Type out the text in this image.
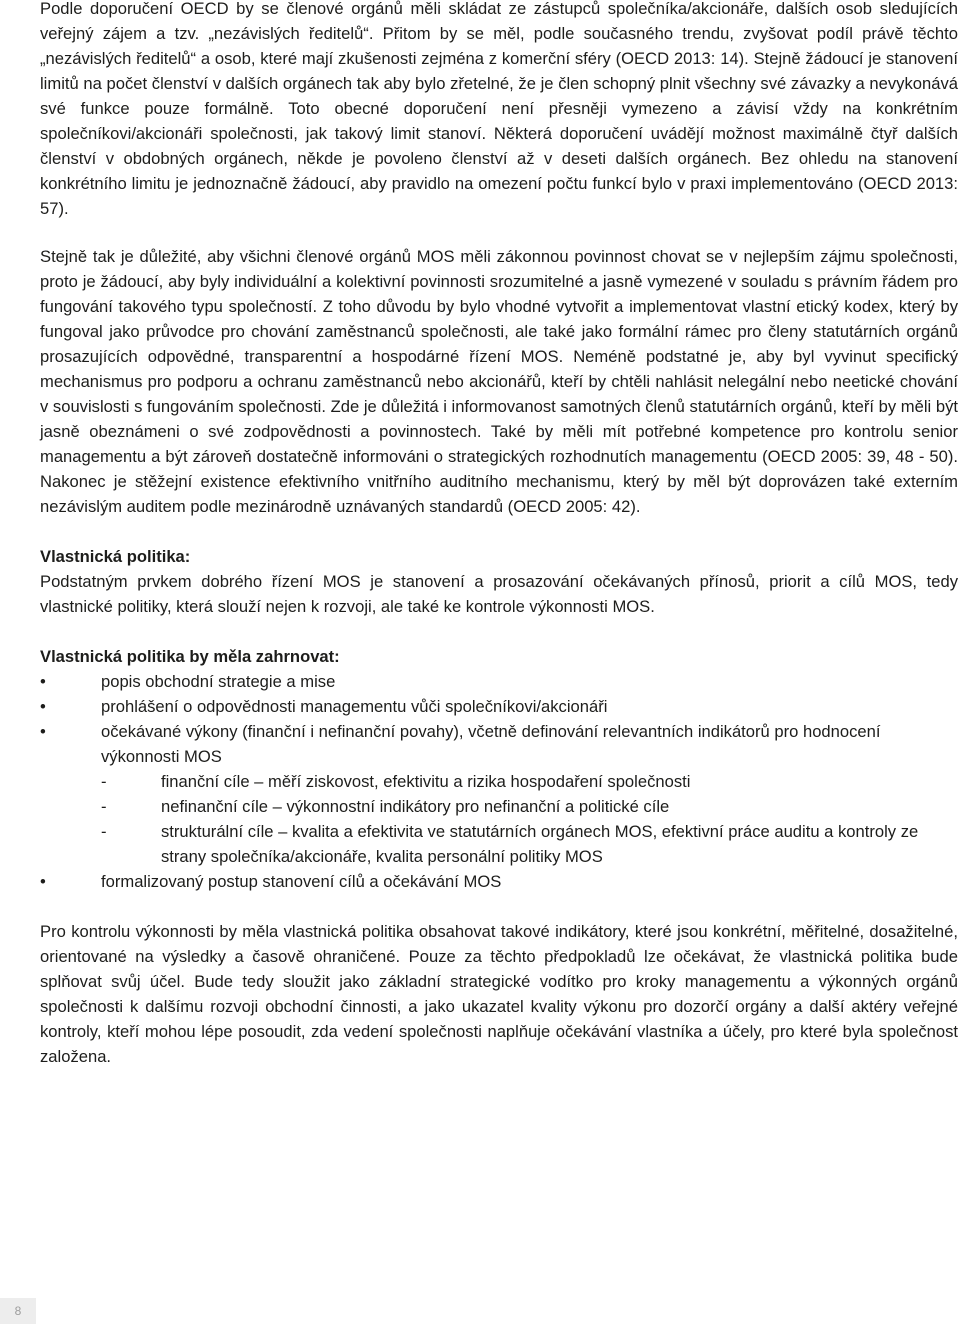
Podle doporučení OECD by se členové orgánů měli skládat ze zástupců společníka/akcionáře, dalších osob sledujících veřejný zájem a tzv. „nezávislých ředitelů“. Přitom by se měl, podle současného trendu, zvyšovat podíl právě těchto „nezávislých ředitelů“ a osob, které mají zkušenosti zejména z komerční sféry (OECD 2013: 14). Stejně žádoucí je stanovení limitů na počet členství v dalších orgánech tak aby bylo zřetelné, že je člen schopný plnit všechny své závazky a nevykonává své funkce pouze formálně. Toto obecné doporučení není přesněji vymezeno a závisí vždy na konkrétním společníkovi/akcionáři společnosti, jak takový limit stanoví. Některá doporučení uvádějí možnost maximálně čtyř dalších členství v obdobných orgánech, někde je povoleno členství až v deseti dalších orgánech. Bez ohledu na stanovení konkrétního limitu je jednoznačně žádoucí, aby pravidlo na omezení počtu funkcí bylo v praxi implementováno (OECD 2013: 57).

Stejně tak je důležité, aby všichni členové orgánů MOS měli zákonnou povinnost chovat se v nejlepším zájmu společnosti, proto je žádoucí, aby byly individuální a kolektivní povinnosti srozumitelné a jasně vymezené v souladu s právním řádem pro fungování takového typu společností. Z toho důvodu by bylo vhodné vytvořit a implementovat vlastní etický kodex, který by fungoval jako průvodce pro chování zaměstnanců společnosti, ale také jako formální rámec pro členy statutárních orgánů prosazujících odpovědné, transparentní a hospodárné řízení MOS. Neméně podstatné je, aby byl vyvinut specifický mechanismus pro podporu a ochranu zaměstnanců nebo akcionářů, kteří by chtěli nahlásit nelegální nebo neetické chování v souvislosti s fungováním společnosti. Zde je důležitá i informovanost samotných členů statutárních orgánů, kteří by měli být jasně obeznámeni o své zodpovědnosti a povinnostech. Také by měli mít potřebné kompetence pro kontrolu senior managementu a být zároveň dostatečně informováni o strategických rozhodnutích managementu (OECD 2005: 39, 48 - 50). Nakonec je stěžejní existence efektivního vnitřního auditního mechanismu, který by měl být doprovázen také externím nezávislým auditem podle mezinárodně uznávaných standardů (OECD 2005: 42).

Vlastnická politika:

Podstatným prvkem dobrého řízení MOS je stanovení a prosazování očekávaných přínosů, priorit a cílů MOS, tedy vlastnické politiky, která slouží nejen k rozvoji, ale také ke kontrole výkonnosti MOS.

Vlastnická politika by měla zahrnovat:
•	popis obchodní strategie a mise
•	prohlášení o odpovědnosti managementu vůči společníkovi/akcionáři
•	očekávané výkony (finanční i nefinanční povahy), včetně definování relevantních indikátorů pro hodnocení výkonnosti MOS
-	finanční cíle – měří ziskovost, efektivitu a rizika hospodaření společnosti
-	nefinanční cíle – výkonnostní indikátory pro nefinanční a politické cíle
-	strukturální cíle – kvalita a efektivita ve statutárních orgánech MOS, efektivní práce auditu a kontroly ze strany společníka/akcionáře, kvalita personální politiky MOS
•	formalizovaný postup stanovení cílů a očekávání MOS

Pro kontrolu výkonnosti by měla vlastnická politika obsahovat takové indikátory, které jsou konkrétní, měřitelné, dosažitelné, orientované na výsledky a časově ohraničené. Pouze za těchto předpokladů lze očekávat, že vlastnická politika bude splňovat svůj účel. Bude tedy sloužit jako základní strategické vodítko pro kroky managementu a výkonných orgánů společnosti k dalšímu rozvoji obchodní činnosti, a jako ukazatel kvality výkonu pro dozorčí orgány a další aktéry veřejné kontroly, kteří mohou lépe posoudit, zda vedení společnosti naplňuje očekávání vlastníka a účely, pro které byla společnost založena.

8
